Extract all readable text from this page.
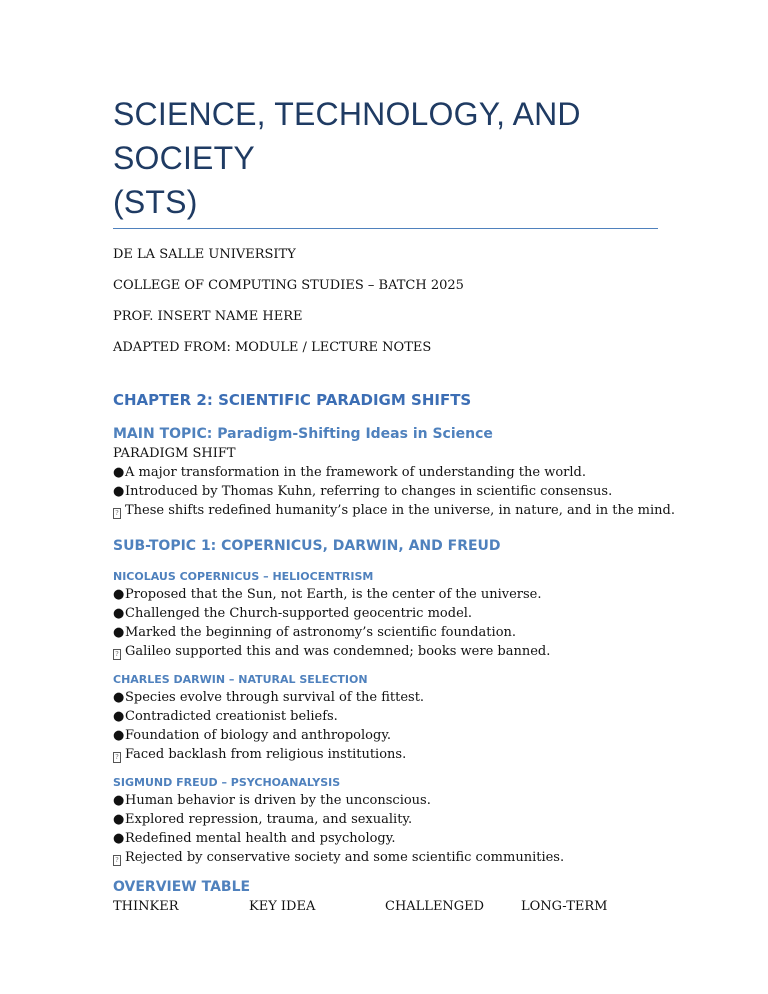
SCIENCE, TECHNOLOGY, AND SOCIETY
(STS)

DE LA SALLE UNIVERSITY

COLLEGE OF COMPUTING STUDIES – BATCH 2025

PROF. INSERT NAME HERE

ADAPTED FROM: MODULE / LECTURE NOTES

CHAPTER 2: SCIENTIFIC PARADIGM SHIFTS
MAIN TOPIC: Paradigm-Shifting Ideas in Science

PARADIGM SHIFT

●A major transformation in the framework of understanding the world.

●Introduced by Thomas Kuhn, referring to changes in scientific consensus.

? These shifts redefined humanity’s place in the universe, in nature, and in the mind.

SUB-TOPIC 1: COPERNICUS, DARWIN, AND FREUD
NICOLAUS COPERNICUS – HELIOCENTRISM

●Proposed that the Sun, not Earth, is the center of the universe.

●Challenged the Church-supported geocentric model.

●Marked the beginning of astronomy’s scientific foundation.

? Galileo supported this and was condemned; books were banned.

CHARLES DARWIN – NATURAL SELECTION

●Species evolve through survival of the fittest.

●Contradicted creationist beliefs.

●Foundation of biology and anthropology.

? Faced backlash from religious institutions.

SIGMUND FREUD – PSYCHOANALYSIS

●Human behavior is driven by the unconscious.

●Explored repression, trauma, and sexuality.

●Redefined mental health and psychology.

? Rejected by conservative society and some scientific communities.

OVERVIEW TABLE
THINKER	KEY IDEA	CHALLENGED	LONG-TERM
